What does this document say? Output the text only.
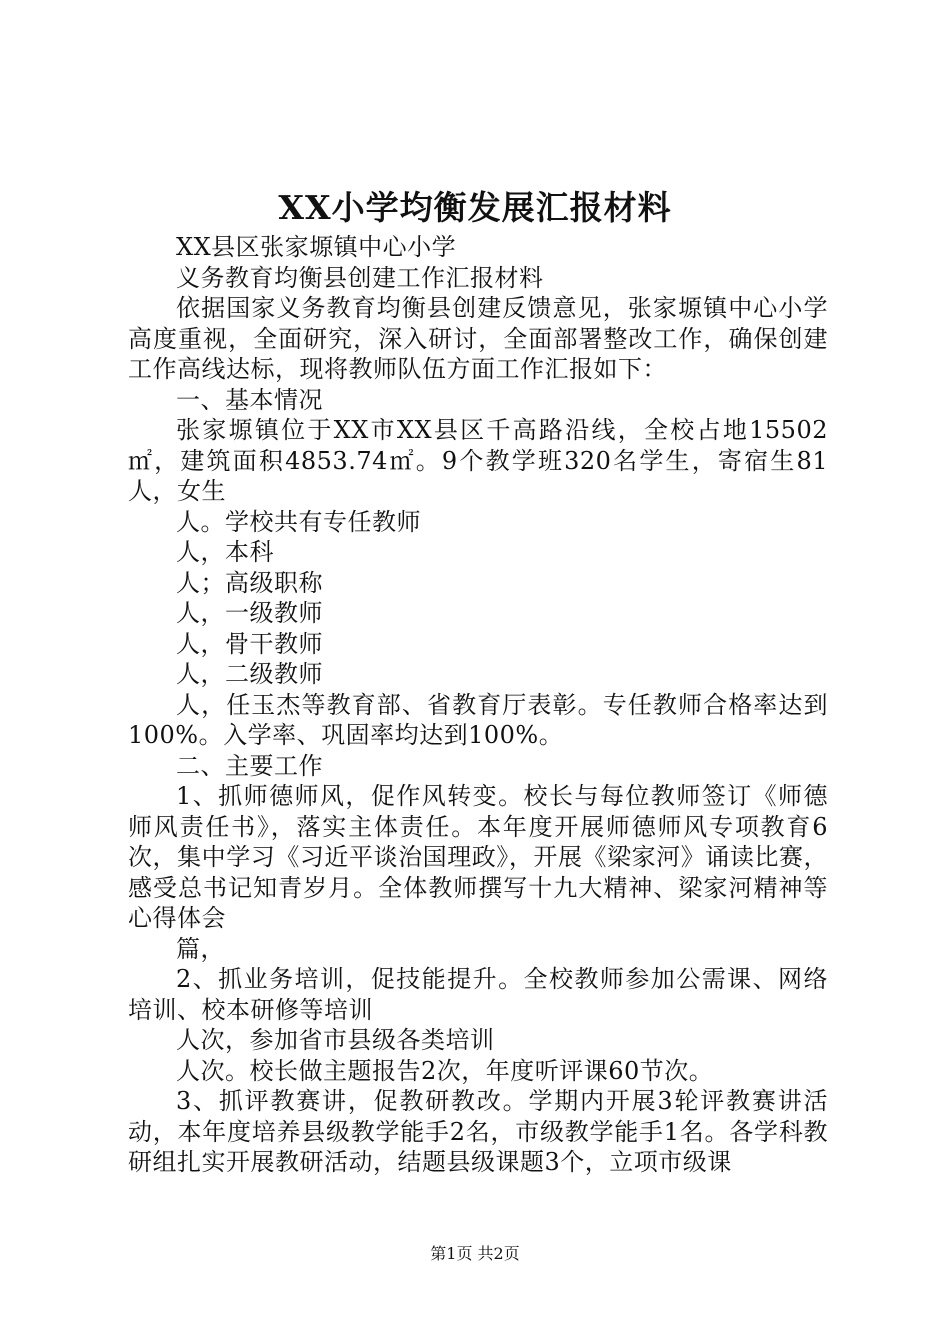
XX小学均衡发展汇报材料

XX县区张家塬镇中心小学

义务教育均衡县创建工作汇报材料

依据国家义务教育均衡县创建反馈意见，张家塬镇中心小学高度重视，全面研究，深入研讨，全面部署整改工作，确保创建工作高线达标，现将教师队伍方面工作汇报如下：

一、基本情况

张家塬镇位于XX市XX县区千高路沿线，全校占地15502㎡，建筑面积4853.74㎡。9个教学班320名学生，寄宿生81人，女生

人。学校共有专任教师

人，本科

人；高级职称

人，一级教师

人，骨干教师

人，二级教师

人，任玉杰等教育部、省教育厅表彰。专任教师合格率达到100%。入学率、巩固率均达到100%。

二、主要工作

1、抓师德师风，促作风转变。校长与每位教师签订《师德师风责任书》，落实主体责任。本年度开展师德师风专项教育6次，集中学习《习近平谈治国理政》，开展《梁家河》诵读比赛，感受总书记知青岁月。全体教师撰写十九大精神、梁家河精神等心得体会

篇，

2、抓业务培训，促技能提升。全校教师参加公需课、网络培训、校本研修等培训

人次，参加省市县级各类培训

人次。校长做主题报告2次，年度听评课60节次。

3、抓评教赛讲，促教研教改。学期内开展3轮评教赛讲活动，本年度培养县级教学能手2名，市级教学能手1名。各学科教研组扎实开展教研活动，结题县级课题3个，立项市级课

第1页 共2页
